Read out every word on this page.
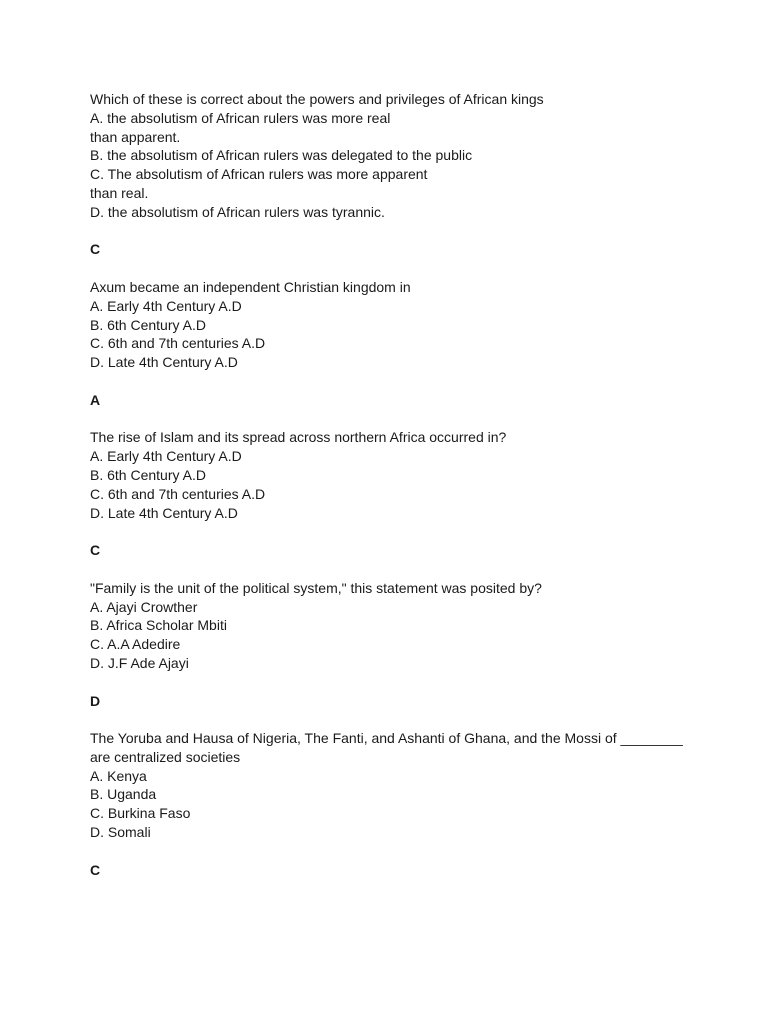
Which of these is correct about the powers and privileges of African kings
A. the absolutism of African rulers was more real
than apparent.
B. the absolutism of African rulers was delegated to the public
C. The absolutism of African rulers was more apparent
than real.
D. the absolutism of African rulers was tyrannic.
C
Axum became an independent Christian kingdom in
A. Early 4th Century A.D
B. 6th Century A.D
C. 6th and 7th centuries A.D
D. Late 4th Century A.D
A
The rise of Islam and its spread across northern Africa occurred in?
A. Early 4th Century A.D
B. 6th Century A.D
C. 6th and 7th centuries A.D
D. Late 4th Century A.D
C
"Family is the unit of the political system," this statement was posited by?
A. Ajayi Crowther
B. Africa Scholar Mbiti
C. A.A Adedire
D. J.F Ade Ajayi
D
The Yoruba and Hausa of Nigeria, The Fanti, and Ashanti of Ghana, and the Mossi of ________
are centralized societies
A. Kenya
B. Uganda
C. Burkina Faso
D. Somali
C
